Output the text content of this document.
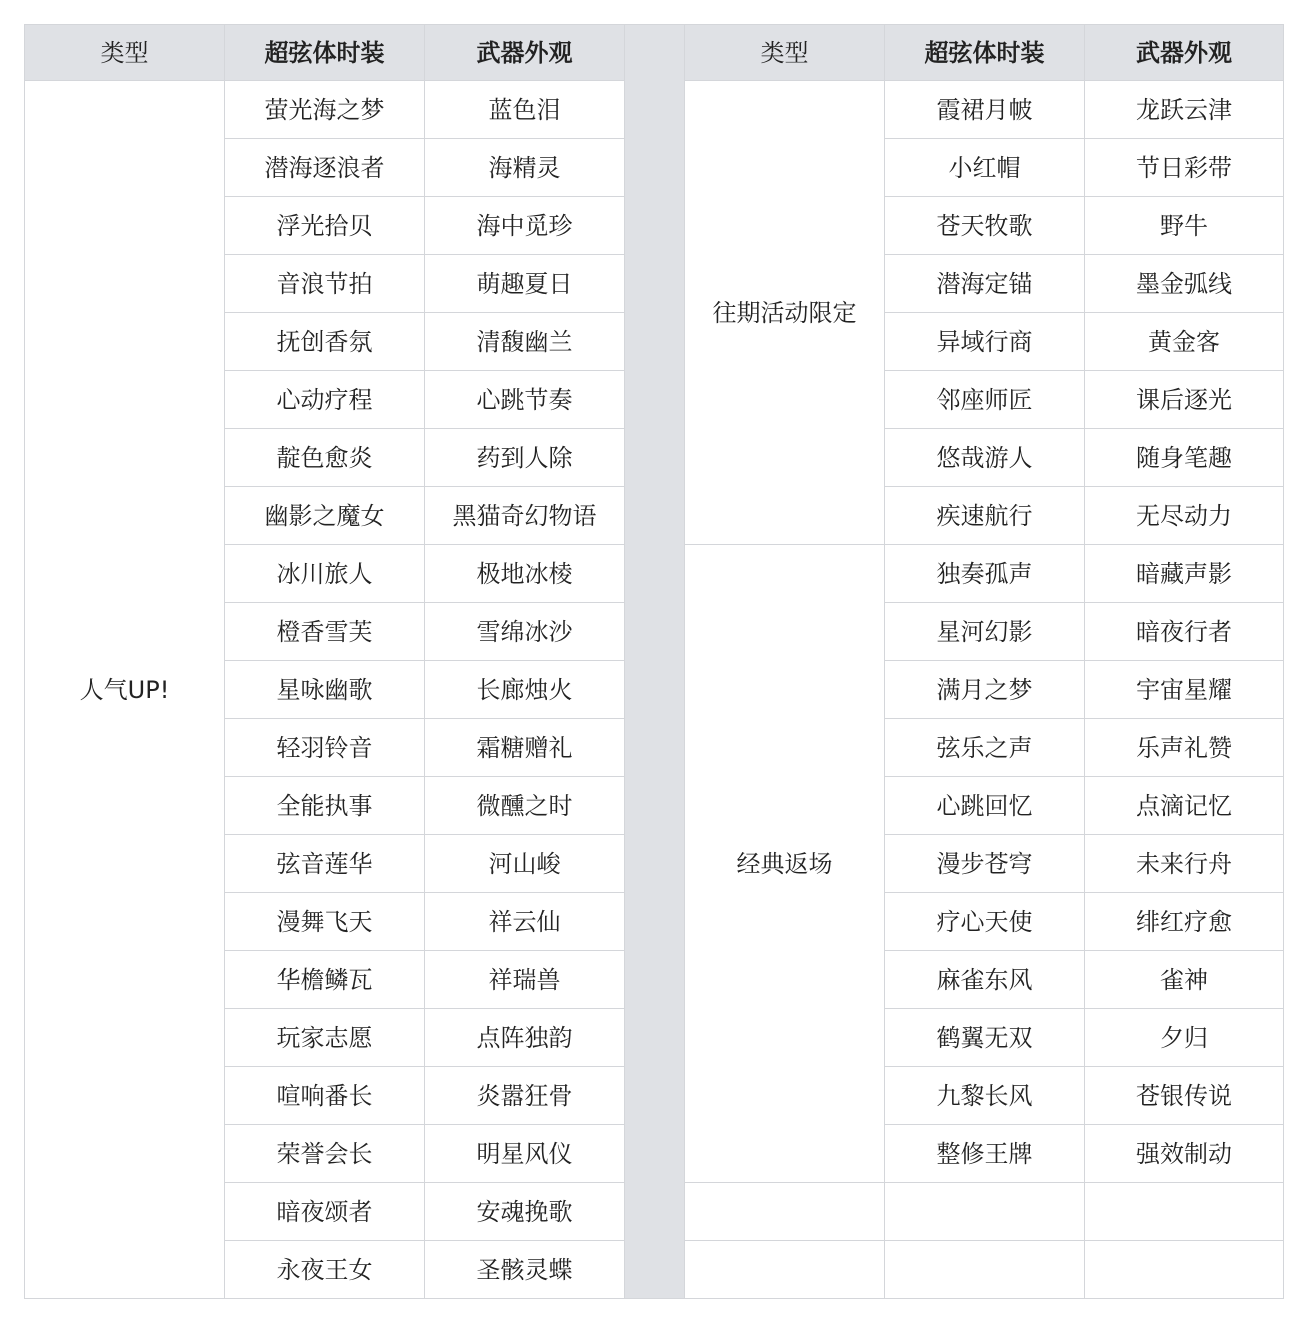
类型	超弦体时装	武器外观		类型	超弦体时装	武器外观
人气UP!	萤光海之梦	蓝色泪		往期活动限定	霞裙月帔	龙跃云津
	潜海逐浪者	海精灵			小红帽	节日彩带
	浮光拾贝	海中觅珍			苍天牧歌	野牛
	音浪节拍	萌趣夏日			潜海定锚	墨金弧线
	抚创香氛	清馥幽兰			异域行商	黄金客
	心动疗程	心跳节奏			邻座师匠	课后逐光
	靛色愈炎	药到人除			悠哉游人	随身笔趣
	幽影之魔女	黑猫奇幻物语			疾速航行	无尽动力
	冰川旅人	极地冰棱		经典返场	独奏孤声	暗藏声影
	橙香雪芙	雪绵冰沙			星河幻影	暗夜行者
	星咏幽歌	长廊烛火			满月之梦	宇宙星耀
	轻羽铃音	霜糖赠礼			弦乐之声	乐声礼赞
	全能执事	微醺之时			心跳回忆	点滴记忆
	弦音莲华	河山峻			漫步苍穹	未来行舟
	漫舞飞天	祥云仙			疗心天使	绯红疗愈
	华檐鳞瓦	祥瑞兽			麻雀东风	雀神
	玩家志愿	点阵独韵			鹤翼无双	夕归
	喧响番长	炎嚣狂骨			九黎长风	苍银传说
	荣誉会长	明星风仪			整修王牌	强效制动
	暗夜颂者	安魂挽歌				
	永夜王女	圣骸灵蝶				
